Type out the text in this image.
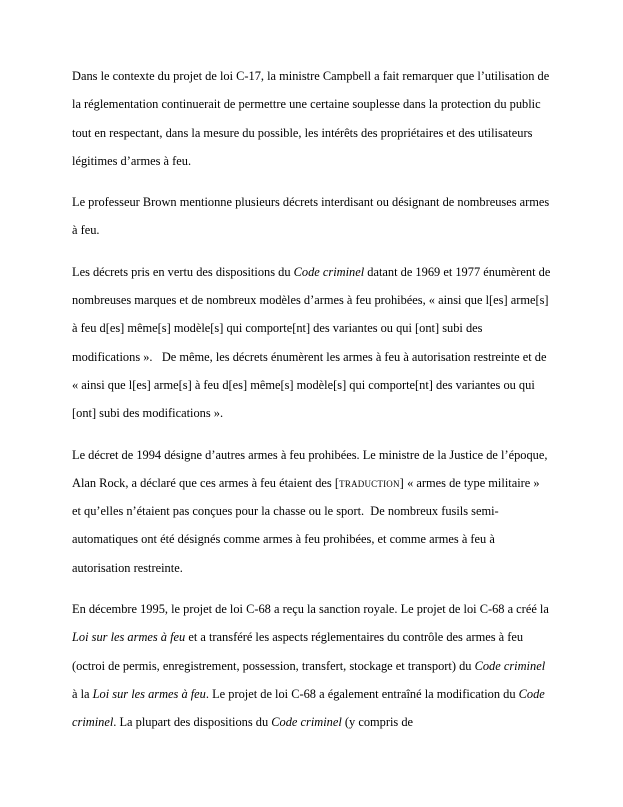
Dans le contexte du projet de loi C-17, la ministre Campbell a fait remarquer que l’utilisation de la réglementation continuerait de permettre une certaine souplesse dans la protection du public tout en respectant, dans la mesure du possible, les intérêts des propriétaires et des utilisateurs légitimes d’armes à feu.

Le professeur Brown mentionne plusieurs décrets interdisant ou désignant de nombreuses armes à feu.

Les décrets pris en vertu des dispositions du Code criminel datant de 1969 et 1977 énumèrent de nombreuses marques et de nombreux modèles d’armes à feu prohibées, « ainsi que l[es] arme[s] à feu d[es] même[s] modèle[s] qui comporte[nt] des variantes ou qui [ont] subi des modifications ».   De même, les décrets énumèrent les armes à feu à autorisation restreinte et de « ainsi que l[es] arme[s] à feu d[es] même[s] modèle[s] qui comporte[nt] des variantes ou qui [ont] subi des modifications ».

Le décret de 1994 désigne d’autres armes à feu prohibées. Le ministre de la Justice de l’époque, Alan Rock, a déclaré que ces armes à feu étaient des [traduction] « armes de type militaire » et qu’elles n’étaient pas conçues pour la chasse ou le sport.  De nombreux fusils semi-automatiques ont été désignés comme armes à feu prohibées, et comme armes à feu à autorisation restreinte.

En décembre 1995, le projet de loi C-68 a reçu la sanction royale. Le projet de loi C-68 a créé la Loi sur les armes à feu et a transféré les aspects réglementaires du contrôle des armes à feu (octroi de permis, enregistrement, possession, transfert, stockage et transport) du Code criminel à la Loi sur les armes à feu. Le projet de loi C-68 a également entraîné la modification du Code criminel. La plupart des dispositions du Code criminel (y compris de
